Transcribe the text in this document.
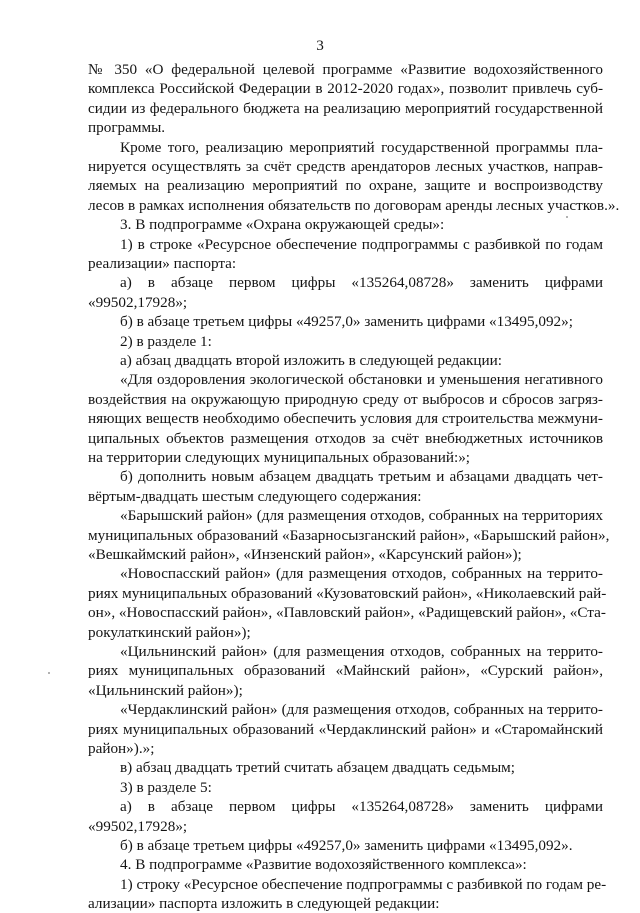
3
№ 350 «О федеральной целевой программе «Развитие водохозяйственного
комплекса Российской Федерации в 2012-2020 годах», позволит привлечь суб-
сидии из федерального бюджета на реализацию мероприятий государственной
программы.
Кроме того, реализацию мероприятий государственной программы пла-
нируется осуществлять за счёт средств арендаторов лесных участков, направ-
ляемых на реализацию мероприятий по охране, защите и воспроизводству
лесов в рамках исполнения обязательств по договорам аренды лесных участков.».
3. В подпрограмме «Охрана окружающей среды»:
1) в строке «Ресурсное обеспечение подпрограммы с разбивкой по годам
реализации» паспорта:
а) в абзаце первом цифры «135264,08728» заменить цифрами
«99502,17928»;
б) в абзаце третьем цифры «49257,0» заменить цифрами «13495,092»;
2) в разделе 1:
а) абзац двадцать второй изложить в следующей редакции:
«Для оздоровления экологической обстановки и уменьшения негативного
воздействия на окружающую природную среду от выбросов и сбросов загряз-
няющих веществ необходимо обеспечить условия для строительства межмуни-
ципальных объектов размещения отходов за счёт внебюджетных источников
на территории следующих муниципальных образований:»;
б) дополнить новым абзацем двадцать третьим и абзацами двадцать чет-
вёртым-двадцать шестым следующего содержания:
«Барышский район» (для размещения отходов, собранных на территориях
муниципальных образований «Базарносызганский район», «Барышский район»,
«Вешкаймский район», «Инзенский район», «Карсунский район»);
«Новоспасский район» (для размещения отходов, собранных на террито-
риях муниципальных образований «Кузоватовский район», «Николаевский рай-
он», «Новоспасский район», «Павловский район», «Радищевский район», «Ста-
рокулаткинский район»);
«Цильнинский район» (для размещения отходов, собранных на террито-
риях муниципальных образований «Майнский район», «Сурский район»,
«Цильнинский район»);
«Чердаклинский район» (для размещения отходов, собранных на террито-
риях муниципальных образований «Чердаклинский район» и «Старомайнский
район»).»;
в) абзац двадцать третий считать абзацем двадцать седьмым;
3) в разделе 5:
а) в абзаце первом цифры «135264,08728» заменить цифрами
«99502,17928»;
б) в абзаце третьем цифры «49257,0» заменить цифрами «13495,092».
4. В подпрограмме «Развитие водохозяйственного комплекса»:
1) строку «Ресурсное обеспечение подпрограммы с разбивкой по годам ре-
ализации» паспорта изложить в следующей редакции:
